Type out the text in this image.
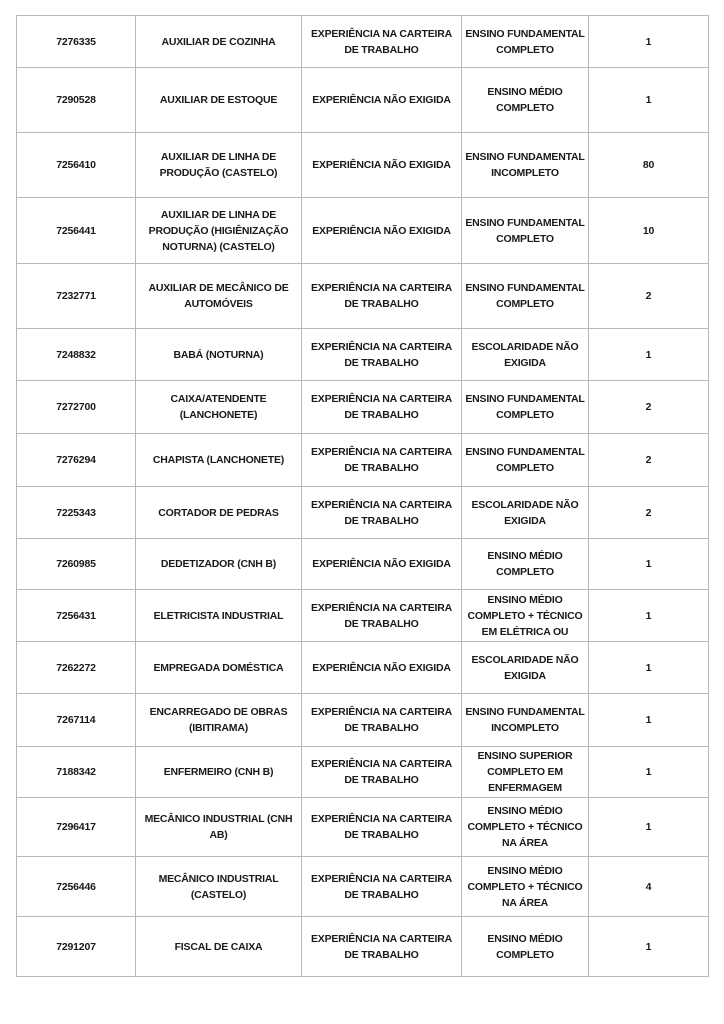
7276335	AUXILIAR DE COZINHA	EXPERIÊNCIA NA CARTEIRA DE TRABALHO	ENSINO FUNDAMENTAL COMPLETO	1
7290528	AUXILIAR DE ESTOQUE	EXPERIÊNCIA NÃO EXIGIDA	ENSINO MÉDIO COMPLETO	1
7256410	AUXILIAR DE LINHA DE PRODUÇÃO (CASTELO)	EXPERIÊNCIA NÃO EXIGIDA	ENSINO FUNDAMENTAL INCOMPLETO	80
7256441	AUXILIAR DE LINHA DE PRODUÇÃO (HIGIÊNIZAÇÃO NOTURNA) (CASTELO)	EXPERIÊNCIA NÃO EXIGIDA	ENSINO FUNDAMENTAL COMPLETO	10
7232771	AUXILIAR DE MECÂNICO DE AUTOMÓVEIS	EXPERIÊNCIA NA CARTEIRA DE TRABALHO	ENSINO FUNDAMENTAL COMPLETO	2
7248832	BABÁ (NOTURNA)	EXPERIÊNCIA NA CARTEIRA DE TRABALHO	ESCOLARIDADE NÃO EXIGIDA	1
7272700	CAIXA/ATENDENTE (LANCHONETE)	EXPERIÊNCIA NA CARTEIRA DE TRABALHO	ENSINO FUNDAMENTAL COMPLETO	2
7276294	CHAPISTA (LANCHONETE)	EXPERIÊNCIA NA CARTEIRA DE TRABALHO	ENSINO FUNDAMENTAL COMPLETO	2
7225343	CORTADOR DE PEDRAS	EXPERIÊNCIA NA CARTEIRA DE TRABALHO	ESCOLARIDADE NÃO EXIGIDA	2
7260985	DEDETIZADOR (CNH B)	EXPERIÊNCIA NÃO EXIGIDA	ENSINO MÉDIO COMPLETO	1
7256431	ELETRICISTA INDUSTRIAL	EXPERIÊNCIA NA CARTEIRA DE TRABALHO	ENSINO MÉDIO COMPLETO + TÉCNICO EM ELÉTRICA OU	1
7262272	EMPREGADA DOMÉSTICA	EXPERIÊNCIA NÃO EXIGIDA	ESCOLARIDADE NÃO EXIGIDA	1
7267114	ENCARREGADO DE OBRAS (IBITIRAMA)	EXPERIÊNCIA NA CARTEIRA DE TRABALHO	ENSINO FUNDAMENTAL INCOMPLETO	1
7188342	ENFERMEIRO (CNH B)	EXPERIÊNCIA NA CARTEIRA DE TRABALHO	ENSINO SUPERIOR COMPLETO EM ENFERMAGEM	1
7296417	MECÂNICO INDUSTRIAL (CNH AB)	EXPERIÊNCIA NA CARTEIRA DE TRABALHO	ENSINO MÉDIO COMPLETO + TÉCNICO NA ÁREA	1
7256446	MECÂNICO INDUSTRIAL (CASTELO)	EXPERIÊNCIA NA CARTEIRA DE TRABALHO	ENSINO MÉDIO COMPLETO + TÉCNICO NA ÁREA	4
7291207	FISCAL DE CAIXA	EXPERIÊNCIA NA CARTEIRA DE TRABALHO	ENSINO MÉDIO COMPLETO	1
